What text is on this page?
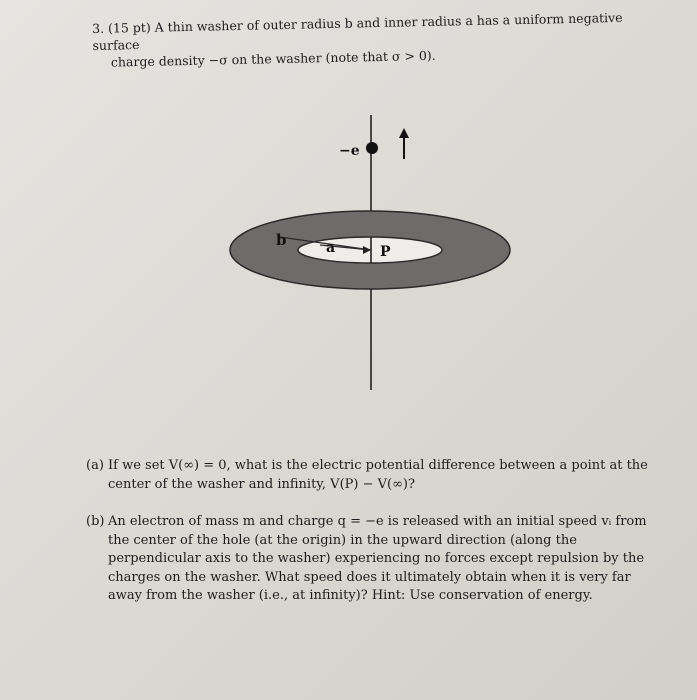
3. (15 pt) A thin washer of outer radius b and inner radius a has a uniform negative surface
charge density −σ on the washer (note that σ > 0).
−e
b	a	P
(a) If we set V(∞) = 0, what is the electric potential difference between a point at the center of the washer and infinity, V(P) − V(∞)?
(b) An electron of mass m and charge q = −e is released with an initial speed vᵢ from the center of the hole (at the origin) in the upward direction (along the perpendicular axis to the washer) experiencing no forces except repulsion by the charges on the washer. What speed does it ultimately obtain when it is very far away from the washer (i.e., at infinity)? Hint: Use conservation of energy.
